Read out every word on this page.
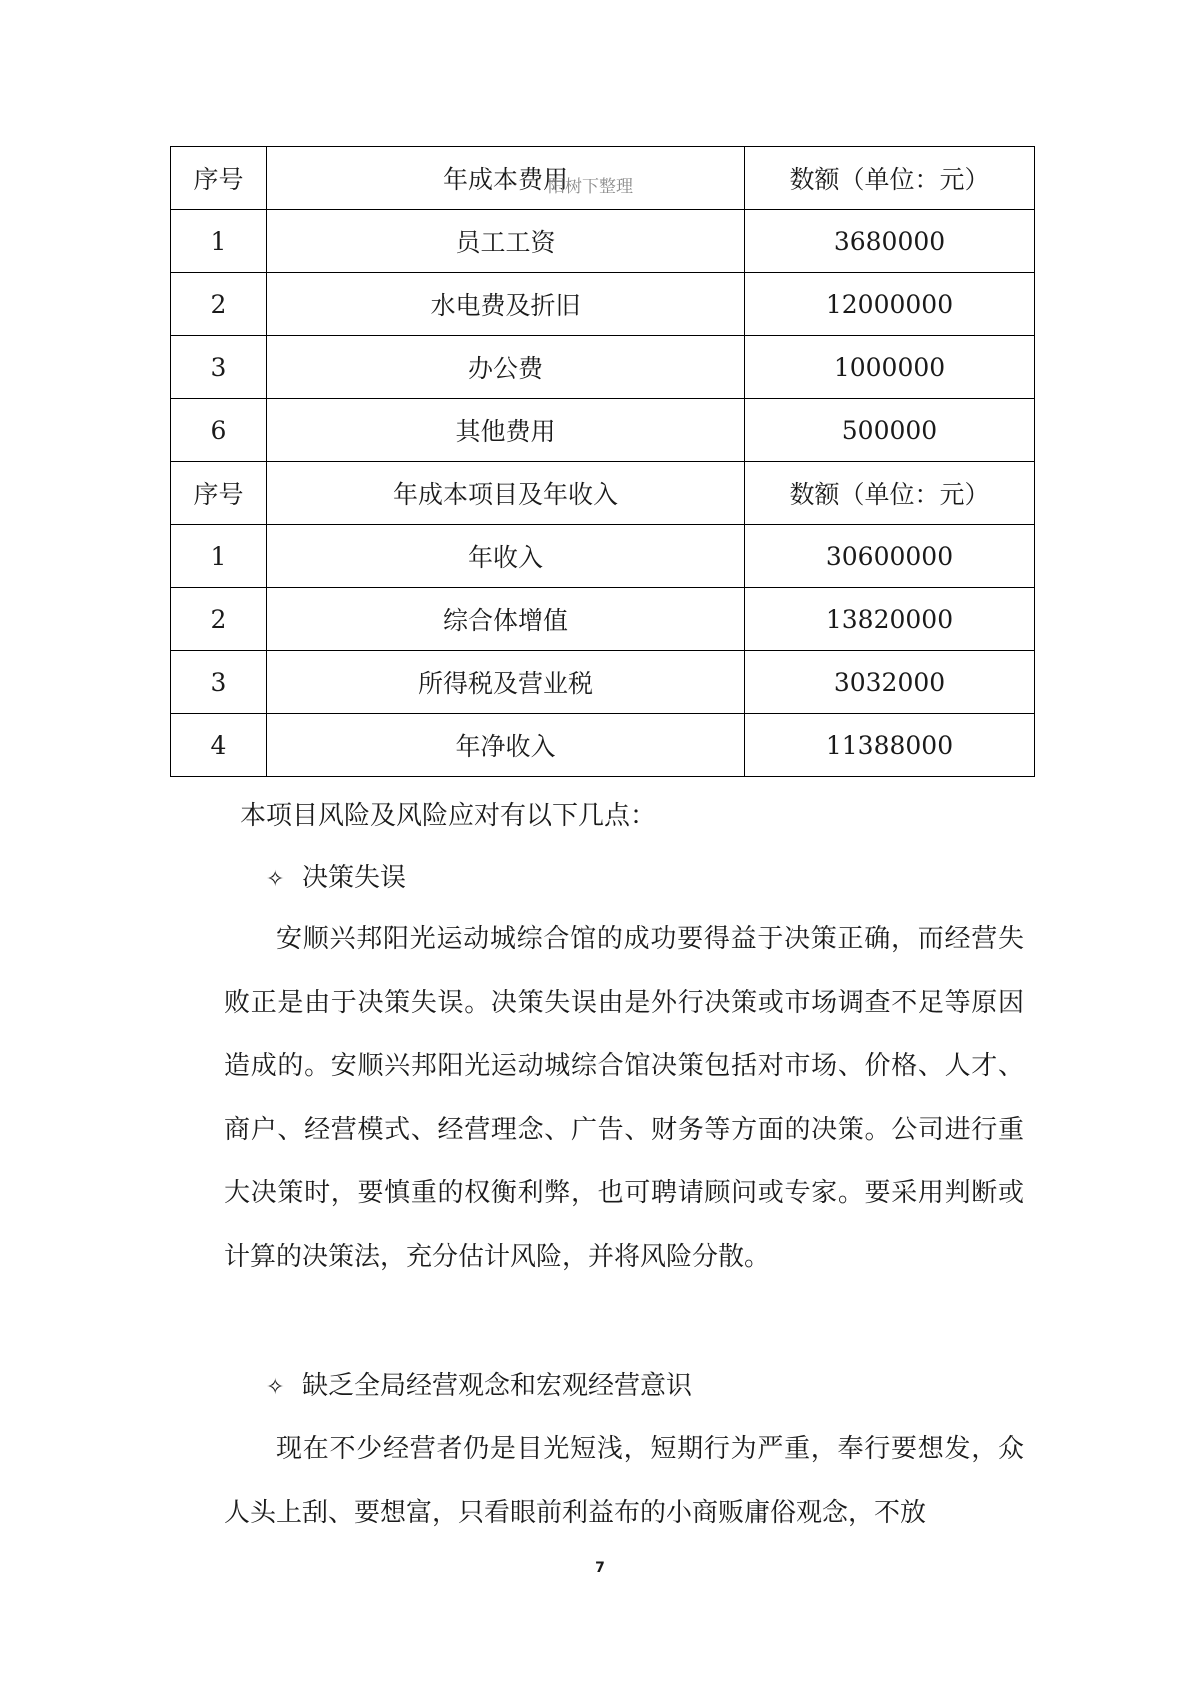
序号	年成本费用	数额（单位：元）
1	员工工资	3680000
2	水电费及折旧	12000000
3	办公费	1000000
6	其他费用	500000
序号	年成本项目及年收入	数额（单位：元）
1	年收入	30600000
2	综合体增值	13820000
3	所得税及营业税	3032000
4	年净收入	11388000
阳树下整理

本项目风险及风险应对有以下几点：

✧ 决策失误

安顺兴邦阳光运动城综合馆的成功要得益于决策正确，而经营失败正是由于决策失误。决策失误由是外行决策或市场调查不足等原因造成的。安顺兴邦阳光运动城综合馆决策包括对市场、价格、人才、商户、经营模式、经营理念、广告、财务等方面的决策。公司进行重大决策时，要慎重的权衡利弊，也可聘请顾问或专家。要采用判断或计算的决策法，充分估计风险，并将风险分散。

✧ 缺乏全局经营观念和宏观经营意识

现在不少经营者仍是目光短浅，短期行为严重，奉行要想发，众人头上刮、要想富，只看眼前利益布的小商贩庸俗观念，不放

7
